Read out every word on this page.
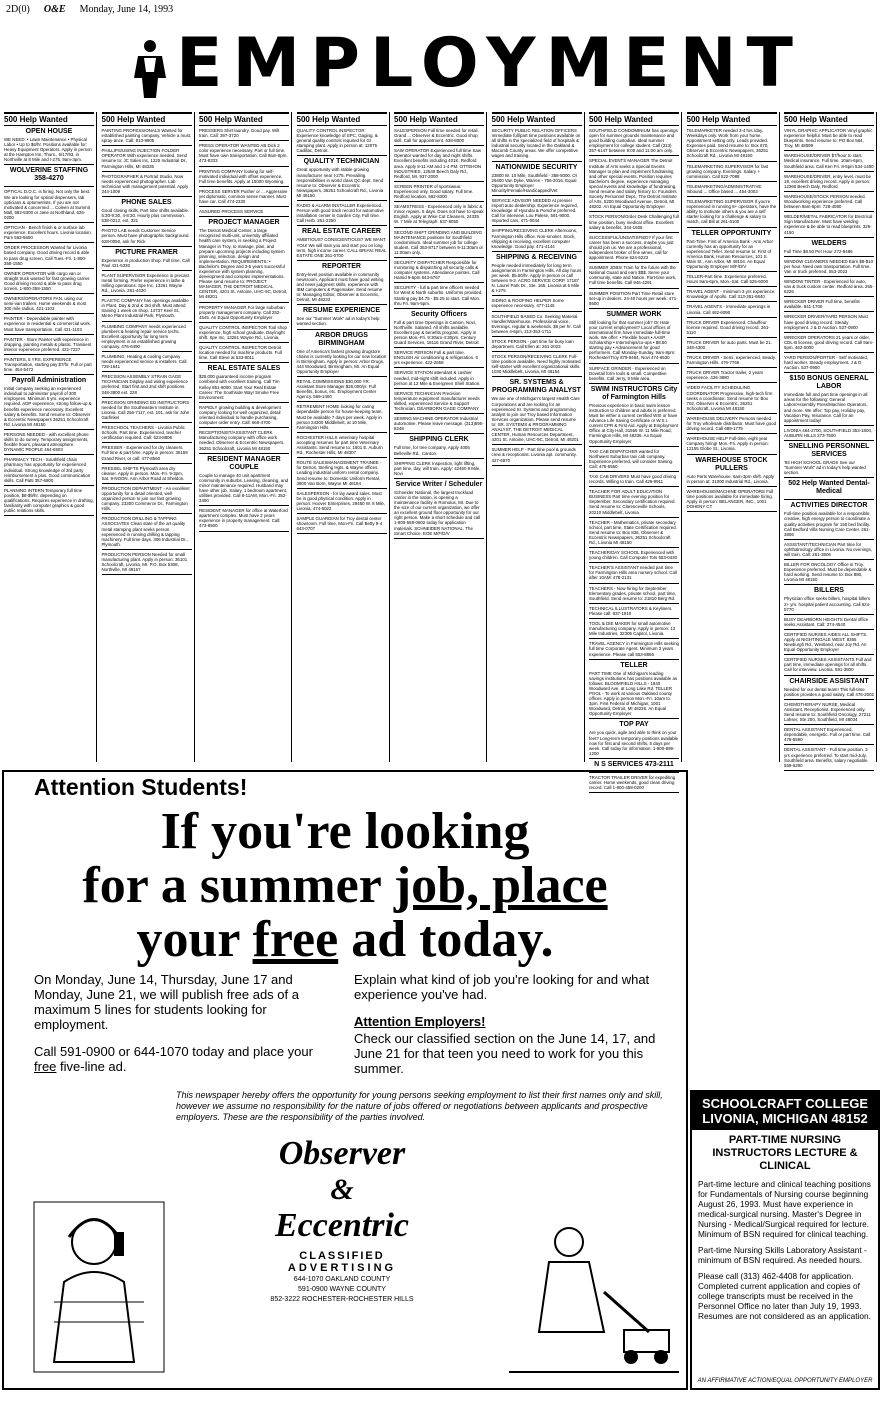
2D(0) O&E Monday, June 14, 1993
EMPLOYMENT
500 Help Wanted
OPEN HOUSE
WE NEED: • Lawn Maintenance • Physical Labor • Up to $6/hr. Positions available for: Heavy Equipment Operators. Apply in person at the Hampton Inn, Thurs., 6/17/93, in Northville at 8 Mile and I-275, 9am-3pm.
WOLVERINE STAFFING 358-4270
OPTICAL D.O.C. is hiring. Not only the best. We are looking for optical dispensers, lab opticians & optometrists. If you are not motivated & concerned ... Coleen at Summit Mall, 682-5300 or Jane at Northland, 626-0200
OPTICIAN - Bench finish & or surface lab experience. Excellent hours. Livonia location. Pam 563-5600
ORDER PROCESSOR Wanted for Livonia based company. Good driving record & able to pass drug screen. Call Tues.-Fri. 1-800-358-1550
OWNER OPERATOR with cargo van or straight truck wanted for fast growing carrier. Good driving record & able to pass drug screen. 1-800-358-1550
OWNERS/OPERATORS FAN, using our semi-van trailers. Home weekends & most 300 mile radius. 421-1103
PAINTER - Dependable painter with experience in residential & commercial work. Must have transportation. Call 421-1103
PAINTER - Store Painter with experience in drapping, painting metals & plastic. Transient interior experience preferred. 422-7227
PAINTERS, 5 YRS. EXPERIENCE Transportation, starting pay $7/hr. Full or part time. 454-5472
Payroll Administration
Initial company seeking an experienced individual to administer payroll of 300 employees. Minimum 5 yrs. experience required. ADP experience, strong follow-up & benefits experience necessary. Excellent salary & benefits. Send resume to: Observer & Eccentric Newspapers 36251 Schoolcraft Rd. Livonia MI 48150
PERSONS NEEDED - with excellent phone skills to do survey. Temporary assignments, flexible hours, pleasant atmosphere. DYNAMIC PEOPLE 464-6503
PHARMACY TECH - Southfield chain pharmacy has opportunity for experienced individual. Strong knowledge of 3rd party reimbursement a plus. Good communication skills. Call Patti 357-6800
PLANNING INTERN Temporary full time position, $8-$9/hr. depending on qualifications. Requires experience in drafting, familiarity with computer graphics & good public relations skills.
500 Help Wanted
PAINTING PROFESSIONALS Wanted for established painting company. Vehicle a must, spray-ance. Call: 813-9905
PHILLIPS/USING INJECTION FOLDER OPERATOR With experience needed. Send resume to: JC Sales Inc, 1225 Industrial Dr., Farmington Hills, MI 48335
PHOTOGRAPHER & Portrait Studio. Now needs experienced photographer. Lab technician with management potential. Apply 344-1009
PHONE SALES
Good closing skills, Part time shifts available. 5:30-9:30, 4-8:30. Hourly plus commission. 538-0212, ext. 321
PHOTO LAB needs Customer Service person. Must have photographic background. 628-0050, ask for Rick
PICTURE FRAMER
Experience in production shop. Full time. Call Paul 421-5330
PLANT SUPERVISOR Experience in precast metal forming. Prefer experience in lathe & milling operations. Spe Inc, 13261 Wayne Rd., Livonia. 261-4430
PLASTIC COMPANY has openings available in Plant. Day & 2nd & 3rd shift. Must attend training 1 week on shop. 14737 Keel St., Metro Plant Industrial Park, Plymouth.
PLUMBING COMPANY needs experienced plumbers & heating repair service techs. Excellent opportunity for long term employment in an established growing company. 476-6490
PLUMBING, Heating & cooling company needs experienced service & installers. Call 729-1641
PRECISION ASSEMBLY STRAIN GAGE TECHNICIAN Display and wiring experience preferred. Start first and 2nd shift positions. 348-3800 ext. 228
PRECISION GRINDING ED INSTRUCTORS needed for the Southeastern Institute in Livonia. Call 256-7117, ext. 101, ask for John Garfinkel
PRESCHOOL TEACHERS - Livonia Public Schools. Part time. Experienced, teacher certification required. Call: 523-8806
PRESSER - Experienced for dry cleaners. Full time & part time. Apply in person: 35159 Grand River, or call: 477-8560
PRESSEL SHIFTS Plymouth area dry cleaner. Apply in person. Mon.-Fri. 9-3pm, Sat. 9-NOON. Ann Arbor Road at Sheldon.
PRODUCTION DEPARTMENT - An excellent opportunity for a detail oriented, well organized person to join our fast growing company. 23300 Commerce Dr., Farmington Hills.
PRODUCTION DRILLING & TAPPING ASSOCIATES Clean state of the art quality metal stamping plant seeks person experienced in running drilling & tapping machinery. Full time days. 306 Industrial Dr., Plymouth.
PRODUCTION PERSON Needed for small manufacturing plant. Apply in person: 36101 Schoolcraft, Livonia, MI. P.O. Box 5308, Northville, MI 48167
500 Help Wanted
PRESSERS Shirt laundry. Good pay. Will train. Call: 397-3720
PRESS OPERATOR WANTED AB Dick 2 color experience necessary. Part or full time. Must have own transportation. Call 9am-5pm. 473-8333
PRINTING COMPANY looking for self-motivated individual with offset experience. Full time benefits. Apply at 15000 Wyoming.
PROCESS SERVER Pusher or ... Aggressive yet diplomatic, common sense manner. Must have car. Call 474-2330
ASSURED PROCESS SERVICE
PROJECT MANAGER
The Detroit Medical Center, a large recognized multi-unit, university affiliated health care system, is seeking a Project Manager in Troy, to manage, plan, and prepare upcoming projects including system planning, selection, design and implementation. REQUIREMENTS: • Bachelor's Degree and 3-5 years successful experience with system planning, development and complex implementations. Please send resume to: PROJECT MANAGER, THE DETROIT MEDICAL CENTER, 4201 St. Antoine, UHC-9C, Detroit, MI 48201
PROPERTY MANAGER For large suburban property management company. Call 252-4545. An Equal Opportunity Employer
QUALITY CONTROL INSPECTOR Tool shop experience, high school graduate. Day/night shift. Spe Inc, 13261 Wayne Rd., Livonia.
QUALITY CONTROL INSPECTOR Detroit location needed for machine products. Full time. Call Steve at 533-8011
REAL ESTATE SALES
$25,000 guaranteed income program combined with excellent training. Call Tim Kelley 851-8000. Start Your Real Estate Career. The Southside Way! Smoke Free Environment
RAPIDLY growing building & development company looking for well organized, detail oriented individual to handle purchasing, computer order entry. Call: 669-4700
RECEPTIONIST/ASSISTANT CLERK Manufacturing company with office work needed. Observer & Eccentric Newspapers, 36251 Schoolcraft, Livonia MI 48150
RESIDENT MANAGER COUPLE
Couple to manage 40 unit apartment community in suburbs. Leasing, cleaning, and minor maintenance required. Husband may have other job. Salary, 1 bedroom apartment, utilities provided. Call 8-11AM, Mon.-Fri. 352-3400
RESIDENT MANAGER for office at Waterford apartment complex. Must have 2 years experience in property management. Call: 473-8500
500 Help Wanted
QUALITY CONTROL INSPECTOR Experience knowledge of SPC, Gaging, & general quality controls required for GI stamping plant. Apply in person at: 12075 Cadillac, Detroit.
QUALITY TECHNICIAN
Great opportunity with stable growing manufacturer near I-275. Prevailing responsibilities in world class QC dept. Send resume to: Observer & Eccentric Newspapers, 36251 Schoolcraft Rd., Livonia MI 48150
RADIO & ALARM INSTALLER Experienced. Person with good track record for automotive installation center in Garden City. Full time. Call Herb. 261-2250
REAL ESTATE CAREER
AMBITIOUS? CONSCIENTIOUS? WE WANT YOU! We will train you and start you on long term, high income career. CALL BRIAN: REAL ESTATE ONE 261-0700
REPORTER
Entry-level position available in community newsroom. Applicant must have good writing and news judgment skills, experience with IBM computers & Pagemaker. Send resume to: Managing Editor, Observer & Eccentric, Detroit, MI 48233
RESUME EXPERIENCE
See our "Summer Work" ad in today's help wanted section.
ARBOR DRUGS BIRMINGHAM
One of America's fastest growing drugstore chains is currently looking for our new location in Birmingham. Apply in person: Arbor Drugs, 444 Woodward, Birmingham, MI. An Equal Opportunity Employer
RETAIL COMMISSIONS $30,000 YR. Assistant Store Manager $26,000/yr. Full Benefits, bonus, etc. Employment Center Agency. 569-1400
RETIREMENT HOME looking for caring dependable person for house-keeping team. Must be available 7 days per week. Apply in person 24300 Middlebelt, at 10 Mile, Farmington Hills.
ROCHESTER HILLS veterinary hospital accepting resumes for part time Veterinary Assistants. Send resume to: 1601 E. Auburn Rd., Rochester Hills, MI 48307
ROUTE SALESMANAGEMENT TRAINEE - for Detroit, Sterling Hgts. & Wayne offices. Leading industrial uniform rental company. Send resume to: Domestic Uniform Rental, 3800 Van Born, Wayne MI 48184
SALESPERSON - for lay award sales. Must be in good physical condition. Apply in person: Hoover Enterprises, 29450 W. 8 Mile, Livonia. 474-6022
SAMPLE GUARDIAN for Troy dental center showroom. Full time, Mon-Fri. Call Betty 9-4 643-0707
500 Help Wanted
SALESPERSON Full time needed for retail. Grand ... Observer & Eccentric. Good shop skill. Call for appointment. 538-8000
SAW OPERATOR Experienced full time Saw Operator wanted for day and night shifts. Excellent benefits including 401K. Redford area. Apply 8-11 AM and 1-4 PM: OTTEHON INDUSTRIES, 12540 Beech Daly Rd., Redford, MI. 937-2000
SCREEN PRINTER of sportswear. Experienced only. Good salary. Full time. Redford location. 592-8300
SEAMSTRESS - Experienced only in fabric & minor repairs. 5 days. Does not have to speak English. Apply at Wise Cut Cleaners, 24335 W. 7 Mile at Telegraph. 537-8050
SECOND SHIFT GRINDING AND BUILDING MAINTENANCE positions for Southfield condominium. Ideal summer job for college student. Call 353-8717 between 9-11:30am or 11:00am only.
SECURITY DISPATCHER Responsible for monitoring & dispatching all security calls & computer systems. Attendance pointes. Call Hamid 9-5pm 643-6767
SECURITY - full & part time officers needed for West & North suburbs. Uniforms provided. Starting pay $4.75 - $5.25 to start. Call Mon. thru Fri. 9am-5pm.
Security Officers
Full & part time Openings in Canton, Novi, Northville. Salaried. All shifts available. Excellent pay & benefits program. Apply in person Mon.-Fri. 9:30am-4:30pm. Century Guard Services, 18116 Grand River, Detroit
SERVICE PERSON Full & part time. ENGLISH Air conditioning & refrigeration. 5 yrs experience. 422-2658
SERVICE STATION attendant & cashier needed, mid-night shift included. Apply in person at 12 Mile & Evergreen Shell Station.
SERVICE TECHNICIAN Precision temperature equipment manufacturer needs skilled, experienced Service & Support Technician. DEARBORN GAGE COMPANY
SEWING MACHINE OPERATOR Industrial automotive. Please leave message. (313)595-8248
SHIPPING CLERK
Full time, for tree company. Apply 4005 Belleville Rd., Canton.
SHIPPING CLERK Inspection, light lifting, part time, day, will train. Apply: 42460 9 Mile, Novi
Service Writer / Scheduler
Schneider National, the largest truckload carrier in the nation, is opening a maintenance facility in Romulus, MI. Due to the size of our current organization, we offer an excellent ground floor opportunity for our right person. Make a short schedule and call 1-800-558-0602 today for application materials. SCHNEIDER NATIONAL. The Smart Choice. EOE M/F/D/V
500 Help Wanted
SECURITY PUBLIC RELATION OFFICERS Immediate full/part time positions available on all shifts in the specialized field of hospitals & industrial security located in the Oakland & Macomb County areas. We offer competitive wages and training.
NATIONWIDE SECURITY
23800 W. 10 Mile, Southfield - 358-5000. Or 29400 Van Dyke, Warren - 756-2016. Equal Opportunity Employer Minority/Female/Handicapped/Vet
SERVICE ADVISOR NEEDED At premier import auto dealership. Experience required, knowledge of Hyundai & Porsche preferred. Call for interview. Lou Palese, 591-9000. Imported cars, 471-0044
SHIPPING/RECEIVING CLERK Afternoons, Farmington Hills office. Non-smoker. Stock, shipping & receiving, excellent computer knowledge. Good pay. 471-4144
SHIPPING & RECEIVING
People needed immediately for long term assignments in Farmington Hills. All day hours per week. $5.50/hr. Apply in person or call between 9-3. ACRO SERVICE CORP. 17187 N. Laurel Park Dr., Ste. 165, Livonia at 6 Mile & I-275
SIDING & ROOFING HELPER Some experience necessary. 477-1146
SOUTHFIELD BASED Co. Seeking Material Handler/Warehouse, Professional voice, Evenings, regular & weekends, $6 per hr. Call between 4-6pm, 213-353-1711
STOCK PERSON - part time for busy loan department. Call Ellen at: 261-2023
STOCK PERSON/RECEIVING CLERK Full-time position available. Need highly motivated self-starter with excellent organizational skills. 1030 Middlebelt, Livonia, MI 48154
SR. SYSTEMS & PROGRAMMING ANALYST
We are one of Michigan's largest Health Care Corporations and are looking for an experienced Sr. Systems and programming analyst to join our Troy based Information Services organization. Please send resume to: SR. SYSTEMS & PROGRAMMING ANALYST, THE DETROIT MEDICAL CENTER, Human Resources Department, 4201 St. Antoine, UHC-9C, Detroit, MI 48201
SUMMER HELP - Part time pool & grounds crew & receptionist. Livonia apt. community. 427-6970
500 Help Wanted
SOUTHFIELD CONDOMINIUM has openings open for summer grounds maintenance and good building custodian. Ideal summer employment for college student. Call (313) 357-6147 between 9:00 and 11:00 am only.
SPECIAL EVENTS MANAGER The Detroit Institute of Arts seeks a Special Events Manager to plan and implement fundraising and other special events. Position requires Bachelor's degree, experience managing special events and knowledge of fundraising. Send resume and salary history to: Founders Society Personnel Dept., The Detroit Institute of Arts, 5200 Woodward Avenue, Detroit, MI 48202. An Equal Opportunity Employer
STOCK PERSON/Order Desk Challenging full time position, busy medical office. Excellent salary & benefits. 344-1606
SUCCESSFUL/UNSATISFIED? If your first career has been a success, maybe you just should join us. We are a professional, independent broker of fine wines, call for appointment. Phone 624-6223
SUMMER JOBS! Train for the future with the National Guard and earn $$$. Serve your community, state and Nation. Part-time work, Full time benefits. Call 946-4291
SUMMER POSITION Part Time Retail store set-up in dealers. 24-40 hours per week. 471-8600
SUMMER WORK
Still looking for that summer job? Or Hate your current employment? Local offices of international firm have immediate full-time work. We offer: • Flexible hours • AASP Scholarship • Internships/co-ops • $8.50 starting pay • Advancement for good performers. Call Monday-Sunday, 9am-8pm: Rochester/Troy 879-9494, Novi 474-6530
SURFACE GRINDER - Experienced on Dovetail form tools & small. Competitive benefits. Call Jerry, 9 Mile area.
SWIM INSTRUCTORS City of Farmington Hills
Previous experience in basic swim lesson instruction to children and adults is preferred. Must be either a current certified WSI or have Advance Life Saving Certificate or W.S.I. current CPR & First Aid. Apply at Employment Office at City Hall, 31555 W. 11 Mile Road, Farmington Hills, MI 48336. An Equal Opportunity Employer
TAXI CAB DISPATCHER wanted for Northwest Suburban taxi cab company. Experience preferred, will consider training. Call: 476-5560
TAXI CAB DRIVERS Must have good driving records. Willing to train. Call 429-9911
TEACHER FOR ADULT EDUCATION BUSINESS Part time evening position for September. Secondary certification required. Send resume to: Clarenceville Schools, 20210 Middlebelt, Livonia
TEACHER - Mathematics, private secondary school, part time, State Certification required. Send resume to: Box 836, Observer & Eccentric Newspapers, 36251 Schoolcraft Rd., Livonia MI 48150
TEACHER/DAY SCHOOL Experienced with young children. Call Computer Tots 553-0430
TEACHER'S ASSISTANT needed part time for Farmington Hills area nursery school. Call after 10AM: 478-2131
TEACHERS - Now hiring for September. Elementary grades, private school, part time, Southfield. Send resume to: 21810 Berg Rd.
TECHNICAL ILLUSTRATORS & Keyliners. Please call: 837-1910
TOOL & DIE MAKER for small automotive manufacturing company. Apply in person: 12 Mile Industries, 32305 Capitol, Livonia.
TRAVEL AGENCY in Farmington Hills seeking full time Corporate Agent. Minimum 3 years experience. Please call 553-8866
TELLER
PART TIME One of Michigan's leading savings institutions has positions available as follows: BLOOMFIELD HILLS - 1840 Woodward Ave. at Long Lake Rd. TELLER POOL - To work at various Oakland county offices. Apply in person Mon.-Fri. 10am to 3pm. First Federal of Michigan, 1001 Woodward, Detroit, MI 48226. An Equal Opportunity Employer
TOP PAY
Are you quick, agile and able to think on your feet? Long-term temporary positions available now for first and second shifts, 5 days per week. Call today for information: 1-800-899-1200
N S SERVICES 473-2111
TRACTOR TRAILER DRIVER for expediting carrier. Home weekends, good clean driving record. Call 1-800-458-0200
500 Help Wanted
TELEMARKETER needed 3-4 hrs./day. Weekdays only. Work from your home. Appointment setting only. Leads provided. Expenses paid. Send resume to: Box 670, Observer & Eccentric Newspapers, 36251 Schoolcraft Rd., Livonia MI 48150
TELEMARKETING SUPERVISOR for fast growing company. Evenings. Salary + commission. Call 522-7088
TELEMARKETING/ADMINISTRATIVE Inbound ... Office based ... 454-3003
TELEMARKETING SUPERVISOR If you're experienced in running 8+ operators, have the ability to motivate others & you are a self starter looking for a challenge & salary to match, call Bill at 261-6100
TELLER OPPORTUNITY
Part-Time. First of America Bank - Ann Arbor currently has an opportunity for an experienced Teller. Send resume to: First of America Bank, Human Resources, 101 S. Main St., Ann Arbor, MI 48104. An Equal Opportunity Employer M/F/D/V
TELLER-Part time. Experience preferred. Hours 9am-6pm, Mon.-Sat. Call 525-6000
TRAVEL AGENT - minimum 3 yrs experience. Knowledge of Apollo. Call 313-351-6840
TRAVEL AGENTS - Immediate openings in Livonia. Call 462-6090
TRUCK DRIVER Experienced. Chauffeur license required. Good driving record. 261-5110
TRUCK DRIVER for auto parts. Must be 21. 348-4300
TRUCK DRIVER - Semi, experienced, steady. Farmington Hills. 476-7766
TRUCK DRIVER Tractor trailer, 2 years experience. 426-3880
VIDEO FACILITY SCHEDULING COORDINATOR Progressive, high-tech firm seeks a coordinator. Send resume to: Box 702, Observer & Eccentric, 36251 Schoolcraft, Livonia MI 48150
WAREHOUSE DELIVERY Persons needed for Troy wholesale distributor. Must have good driving record. Call 689-1775
WAREHOUSE HELP Full-time, eight year company hiring! Mon.-Fri. Apply in person: 12155 Globe St., Livonia.
WAREHOUSE STOCK PULLERS
Auto Parts Warehouse. 6am-3pm shift. Apply in person at: 31000 Industrial Rd., Livonia.
WAREHOUSE/MACHINE OPERATORS Full time positions available for immediate hiring. Apply in person: BELANGER, INC., 1001 DOHENY CT
500 Help Wanted
VINYL GRAPHIC APPLICATOR Vinyl graphic experience helpful. Must be able to read blueprints. Send resume to: PO Box 564, Troy, MI 48099
WAREHOUSE/DRIVER $7/hour to start. Medical insurance. Full time. 10am-6pm, Southfield area. Call Ken Fri. 8-5pm 534-1480
WAREHOUSE/DRIVER, entry level, must be 18, excellent driving record. Apply in person: 12360 Beech Daly, Redford.
WAREHOUSE/STOCK PERSON needed. Woodworking experience preferred. Call between 9am-5pm: 728-4080
WELDER/METAL FABRICATOR for Electrical Sign Manufacturer. Must have welding experience & be able to read blueprints. 326-4150
WELDERS
Full Time $8.50 Per Hour 272-9486
WINDOW CLEANERS NEEDED Earn $8-$10 per hour. Need own transportation. Full time. Van or truck preferred. 553-2023
WINDOW TINTER - Experienced for auto, van & truck custom center. Redford area. 255-6226
WRECKER DRIVER Full time, benefits available. 941-1700
WRECKER DRIVER/YARD PERSON Must have good driving record. Steady employment. J & D Auction. 537-0900
WRECKER OPERATORS 21 years or older, CDL-B license, good driving record. Call 9am-5pm. 462-0000
YARD PERSON/PORTER - Self motivated, hard worker. Steady employment. J & D Auction. 537-0900
$150 BONUS GENERAL LABOR
Immediate full and part time openings in all areas for the following: General Labor/Assembly Press/Machine Operators, and more. We offer: Top pay, Holiday pay, Vacation Pay, Insurance. Call for an appointment today!
LIVONIA 464-2700, SOUTHFIELD 353-1800, AUBURN HILLS 373-7500
SNELLING PERSONNEL SERVICES
'93 HIGH SCHOOL GRADS See our "Summer Work" ad in today's help wanted section.
502 Help Wanted Dental-Medical
ACTIVITIES DIRECTOR
Full-time position available for a responsible, creative, high energy person to coordinate a quality activities program for 150 bed facility. Call Bedford Villa Nursing Care Center. 261-3806
ASSISTANT/TECHNICIAN Part time for ophthalmology office in Livonia. No evenings, will train. Call: 261-3806
BILLER FOR ONCOLOGY Office in Troy. Experience preferred. Must be dependable & hard working. Send resume to: Box 880, Livonia MI 48150
BILLERS
Physician office seeks billers, hospital billers 2+ yrs. hospital patient accounting. Call 624-5770
BUSY DEARBORN HEIGHTS Dental office seeks Assistant. Call: 274-4540
CERTIFIED NURSES AIDES ALL SHIFTS. Apply at NIGHTINGALE WEST. 8365 Newburgh Rd., Westland, near Joy Rd. An Equal Opportunity Employer
CERTIFIED NURSES ASSISTANTS Full and part time, immediate openings for all shifts. Call for interview. Livonia. 591-3800
CHAIRSIDE ASSISTANT
Needed for our dental team! This full-time position provides a good salary. Call 476-2002
CHEMOTHERAPY NURSE, Medical Assistant, Receptionist. Experienced only. Send resume to: Southfield Oncology, 27211 Lahser, Ste 200, Southfield, MI 48034
DENTAL ASSISTANT Experienced, dependable, energetic. Full or part time. Call 478-5590
DENTAL ASSISTANT - Full time position. 3 yrs experience preferred. To start mid-July. Southfield area. Benefits, salary negotiable. 559-6290
Attention Students!
If you're looking
for a summer job, place
your free ad today.

On Monday, June 14, Thursday, June 17 and Monday, June 21, we will publish free ads of a maximum 5 lines for students looking for employment.

Call 591-0900 or 644-1070 today and place your free five-line ad.

Explain what kind of job you're looking for and what experience you've had.

Attention Employers!

Check our classified section on the June 14, 17, and June 21 for that teen you need to work for you this summer.

This newspaper hereby offers the opportunity for young persons seeking employment to list their first names only and skill, however we assume no responsibility for the nature of jobs offered or negotiations between applicants and prospective employers. These are the responsibility of the parties involved.
Observer
&
Eccentric
CLASSIFIED
ADVERTISING
644-1070 OAKLAND COUNTY
591-0900 WAYNE COUNTY
852-3222 ROCHESTER-ROCHESTER HILLS
SCHOOLCRAFT COLLEGE
LIVONIA, MICHIGAN 48152
PART-TIME NURSING INSTRUCTORS LECTURE & CLINICAL

Part-time lecture and clinical teaching positions for Fundamentals of Nursing course beginning August 26, 1993. Must have experience in medical-surgical nursing. Master's Degree in Nursing - Medical/Surgical required for lecture. Minimum of BSN required for clinical teaching.

Part-time Nursing Skills Laboratory Assistant - minimum of BSN required. As needed hours.

Please call (313) 462-4408 for application. Completed current application and copies of college transcripts must be received in the Personnel Office no later than July 19, 1993. Resumes are not considered as an application.

AN AFFIRMATIVE ACTION/EQUAL OPPORTUNITY EMPLOYER
